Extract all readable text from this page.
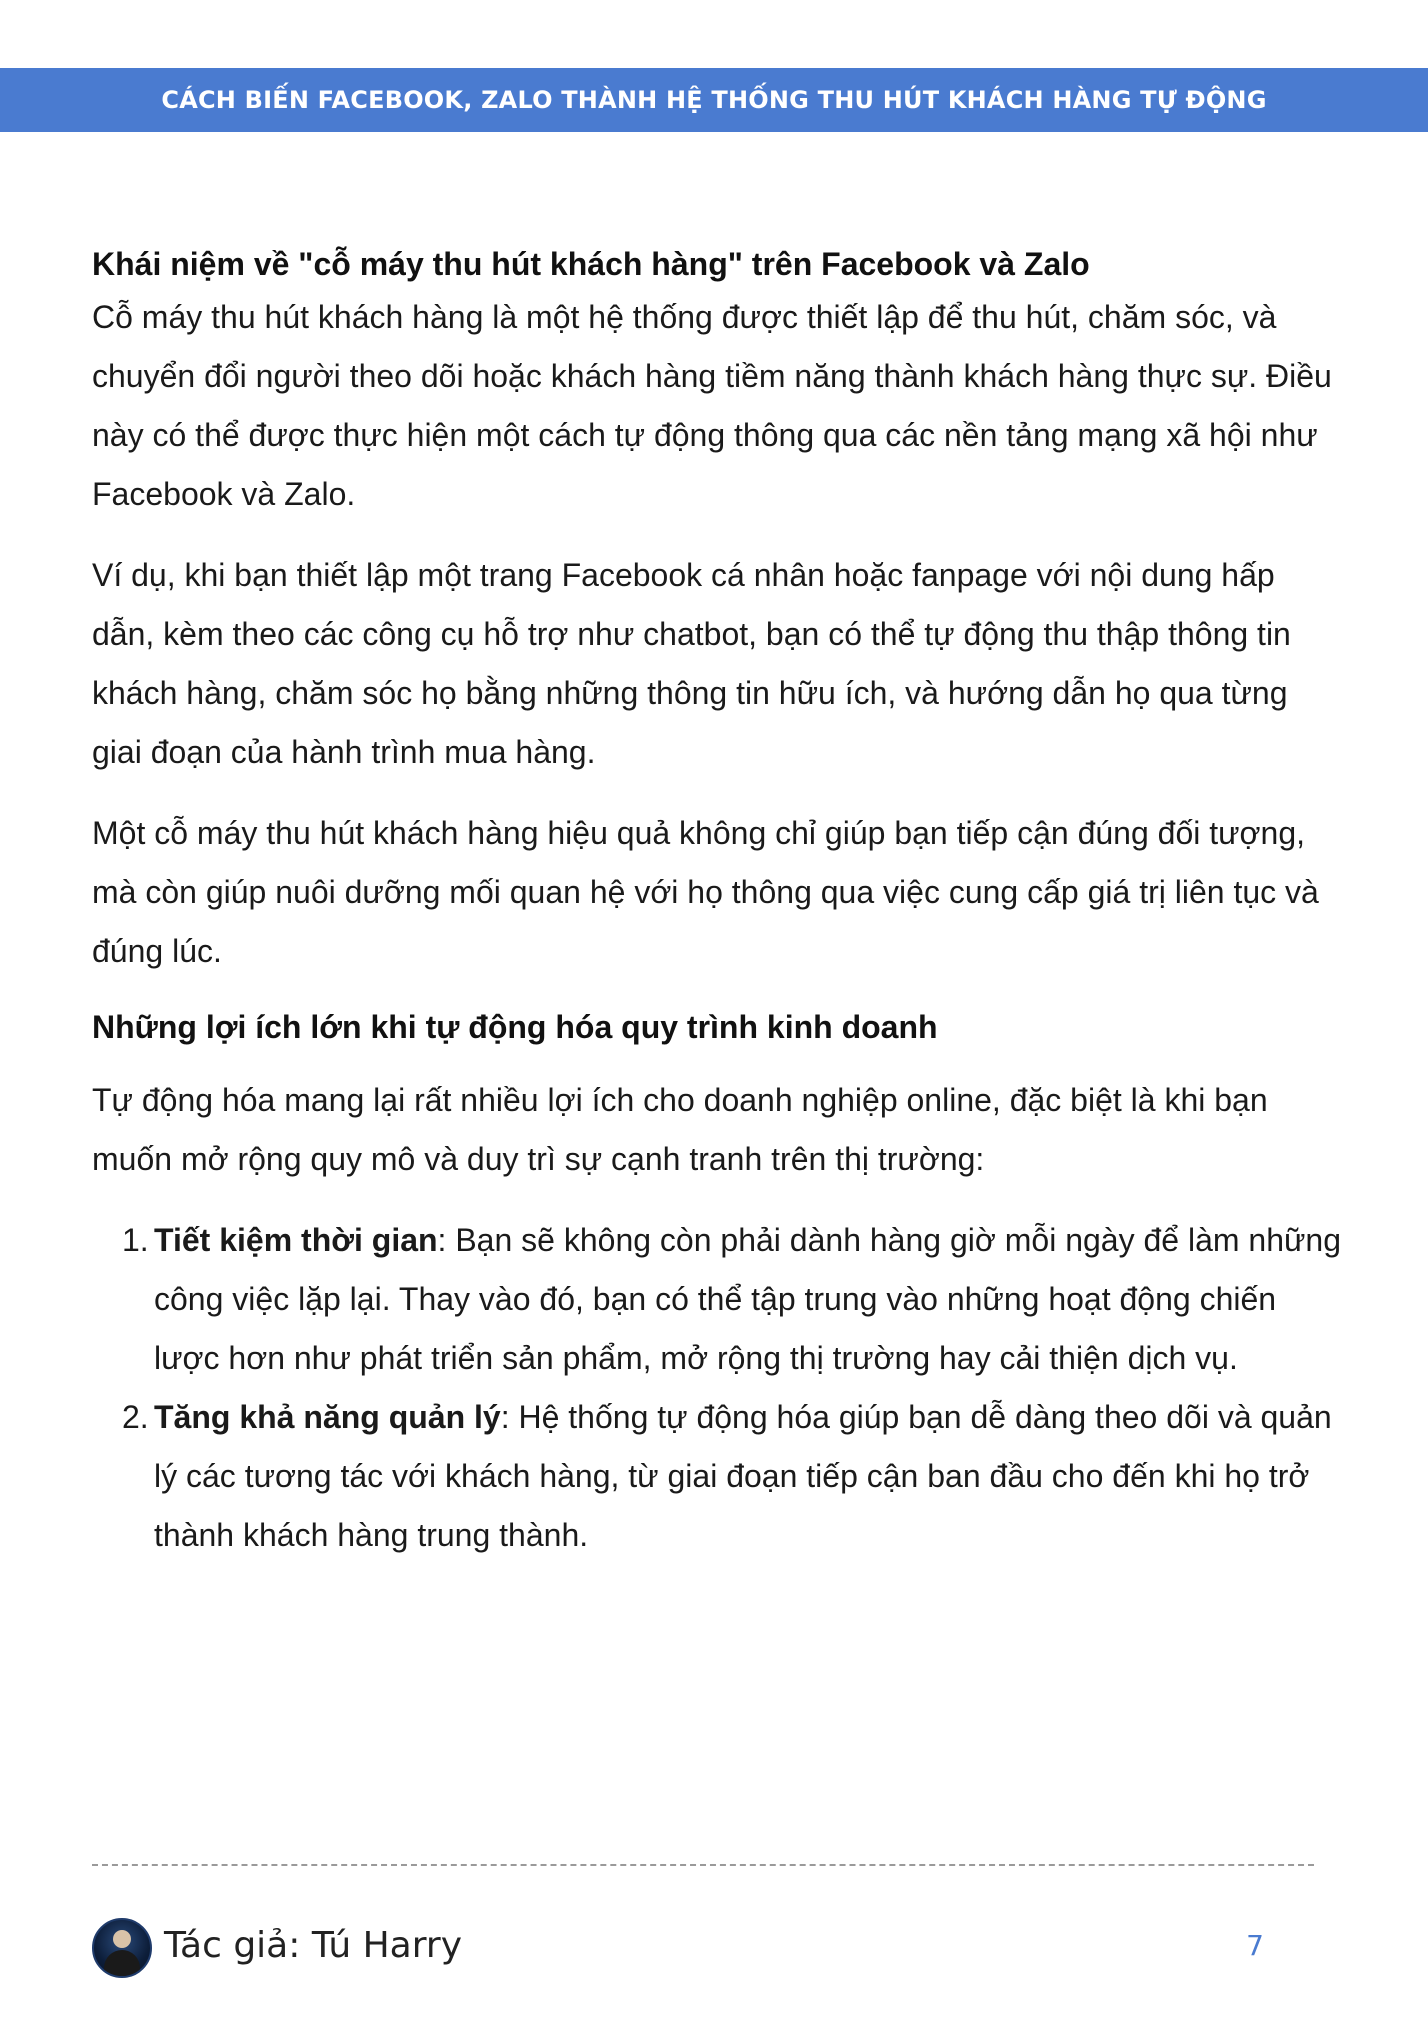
CÁCH BIẾN FACEBOOK, ZALO THÀNH HỆ THỐNG THU HÚT KHÁCH HÀNG TỰ ĐỘNG
Khái niệm về "cỗ máy thu hút khách hàng" trên Facebook và Zalo

Cỗ máy thu hút khách hàng là một hệ thống được thiết lập để thu hút, chăm sóc, và chuyển đổi người theo dõi hoặc khách hàng tiềm năng thành khách hàng thực sự. Điều này có thể được thực hiện một cách tự động thông qua các nền tảng mạng xã hội như Facebook và Zalo.

Ví dụ, khi bạn thiết lập một trang Facebook cá nhân hoặc fanpage với nội dung hấp dẫn, kèm theo các công cụ hỗ trợ như chatbot, bạn có thể tự động thu thập thông tin khách hàng, chăm sóc họ bằng những thông tin hữu ích, và hướng dẫn họ qua từng giai đoạn của hành trình mua hàng.

Một cỗ máy thu hút khách hàng hiệu quả không chỉ giúp bạn tiếp cận đúng đối tượng, mà còn giúp nuôi dưỡng mối quan hệ với họ thông qua việc cung cấp giá trị liên tục và đúng lúc.

Những lợi ích lớn khi tự động hóa quy trình kinh doanh

Tự động hóa mang lại rất nhiều lợi ích cho doanh nghiệp online, đặc biệt là khi bạn muốn mở rộng quy mô và duy trì sự cạnh tranh trên thị trường:

1. Tiết kiệm thời gian: Bạn sẽ không còn phải dành hàng giờ mỗi ngày để làm những công việc lặp lại. Thay vào đó, bạn có thể tập trung vào những hoạt động chiến lược hơn như phát triển sản phẩm, mở rộng thị trường hay cải thiện dịch vụ.
2. Tăng khả năng quản lý: Hệ thống tự động hóa giúp bạn dễ dàng theo dõi và quản lý các tương tác với khách hàng, từ giai đoạn tiếp cận ban đầu cho đến khi họ trở thành khách hàng trung thành.
Tác giả: Tú Harry	7
